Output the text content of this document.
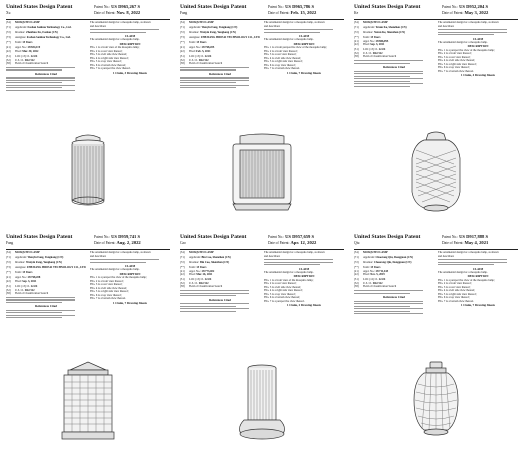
United States Design Patent
Xu
Patent No.: US D965,267 S
Date of Patent: Nov. 8, 2022
(54) MOSQUITO LAMP
(71) Applicant: Foshan Sanhua Technology Co., Ltd.
(72) Inventor: Zhenhua Xu, Foshan (CN)
(73) Assignee: Foshan Sanhua Technology Co., Ltd.
(**) Term: 15 Years
(21) Appl. No.: 29/834,119
(22) Filed: Mar. 30, 2022
(51) LOC (13) Cl. 22-04
(52) U.S. Cl. D22/122
(58) Field of Classification Search
References Cited
The ornamental design for a mosquito lamp, as shown
and described.
CLAIM
The ornamental design for a mosquito lamp.
DESCRIPTION
FIG. 1 is a front view of the mosquito lamp;
FIG. 2 is a rear view thereof;
FIG. 3 is a left side view thereof;
FIG. 4 is a right side view thereof;
FIG. 5 is a top view thereof;
FIG. 6 is a bottom view thereof;
FIG. 7 is a perspective view thereof.
1 Claim, 3 Drawing Sheets
United States Design Patent
Fang
Patent No.: US D965,786 S
Date of Patent: Feb. 15, 2022
(54) MOSQUITO LAMP
(71) Applicant: Wenyin Fang, Yongkang (CN)
(72) Inventor: Wenyin Fang, Yongkang (CN)
(73) Assignee: ZHEJIANG HIDEAI TECHNOLOGY CO., LTD.
(**) Term: 15 Years
(21) Appl. No.: 29/768,205
(22) Filed: Feb. 5, 2021
(51) LOC (13) Cl. 22-04
(52) U.S. Cl. D22/122
(58) Field of Classification Search
References Cited
The ornamental design for a mosquito lamp, as shown
and described.
CLAIM
The ornamental design for a mosquito lamp.
DESCRIPTION
FIG. 1 is a front perspective view of the mosquito lamp;
FIG. 2 is a front view thereof;
FIG. 3 is a rear view thereof;
FIG. 4 is a left side view thereof;
FIG. 5 is a right side view thereof;
FIG. 6 is a top view thereof;
FIG. 7 is a bottom view thereof.
1 Claim, 7 Drawing Sheets
United States Design Patent
Ke
Patent No.: US D952,204 S
Date of Patent: May 3, 2022
(54) MOSQUITO LAMP
(71) Applicant: Yexun Ke, Shenzhen (CN)
(72) Inventor: Yexun Ke, Shenzhen (CN)
(**) Term: 15 Years
(21) Appl. No.: 29/806,095
(22) Filed: Sep. 3, 2021
(51) LOC (13) Cl. 22-04
(52) U.S. Cl. D22/122
(58) Field of Classification Search
References Cited
The ornamental design for a mosquito lamp, as shown
and described.
CLAIM
The ornamental design for a mosquito lamp.
DESCRIPTION
FIG. 1 is a perspective view of the mosquito lamp;
FIG. 2 is a front view thereof;
FIG. 3 is a rear view thereof;
FIG. 4 is a left side view thereof;
FIG. 5 is a right side view thereof;
FIG. 6 is a top view thereof;
FIG. 7 is a bottom view thereof.
1 Claim, 4 Drawing Sheets
United States Design Patent
Fang
Patent No.: US D959,741 S
Date of Patent: Aug. 2, 2022
(54) MOSQUITO LAMP
(71) Applicant: Wenyin Fang, Yongkang (CN)
(72) Inventor: Wenyin Fang, Yongkang (CN)
(73) Assignee: ZHEJIANG HIDEAI TECHNOLOGY CO., LTD.
(**) Term: 15 Years
(21) Appl. No.: 29/768,208
(22) Filed: Sep. 3, 2021
(51) LOC (13) Cl. 22-04
(52) U.S. Cl. D22/122
(58) Field of Classification Search
References Cited
The ornamental design for a mosquito lamp, as shown
and described.
CLAIM
The ornamental design for a mosquito lamp.
DESCRIPTION
FIG. 1 is a perspective view of the mosquito lamp;
FIG. 2 is a front view thereof;
FIG. 3 is a rear view thereof;
FIG. 4 is a left side view thereof;
FIG. 5 is a right side view thereof;
FIG. 6 is a top view thereof;
FIG. 7 is a bottom view thereof.
1 Claim, 7 Drawing Sheets
United States Design Patent
Cao
Patent No.: US D957,659 S
Date of Patent: Apr. 12, 2022
(54) MOSQUITO LAMP
(71) Applicant: Bin Cao, Shenzhen (CN)
(72) Inventor: Bin Cao, Shenzhen (CN)
(**) Term: 15 Years
(21) Appl. No.: 29/773,402
(22) Filed: Mar. 26, 2021
(51) LOC (13) Cl. 22-04
(52) U.S. Cl. D22/122
(58) Field of Classification Search
References Cited
The ornamental design for a mosquito lamp, as shown
and described.
CLAIM
The ornamental design for a mosquito lamp.
DESCRIPTION
FIG. 1 is a front view of the mosquito lamp;
FIG. 2 is a rear view thereof;
FIG. 3 is a left side view thereof;
FIG. 4 is a right side view thereof;
FIG. 5 is a top view thereof;
FIG. 6 is a bottom view thereof;
FIG. 7 is a perspective view thereof.
1 Claim, 2 Drawing Sheets
United States Design Patent
Qiu
Patent No.: US D917,888 S
Date of Patent: May 4, 2021
(54) MOSQUITO LAMP
(71) Applicant: Chaorong Qiu, Dongguan (CN)
(72) Inventor: Chaorong Qiu, Dongguan (CN)
(**) Term: 15 Years
(21) Appl. No.: 29/711,445
(22) Filed: Nov. 5, 2019
(51) LOC (12) Cl. 22-04
(52) U.S. Cl. D22/122
(58) Field of Classification Search
References Cited
The ornamental design for a mosquito lamp, as shown
and described.
CLAIM
The ornamental design for a mosquito lamp.
DESCRIPTION
FIG. 1 is a perspective view of the mosquito lamp;
FIG. 2 is a front view thereof;
FIG. 3 is a rear view thereof;
FIG. 4 is a left side view thereof;
FIG. 5 is a right side view thereof;
FIG. 6 is a top view thereof;
FIG. 7 is a bottom view thereof.
1 Claim, 7 Drawing Sheets
